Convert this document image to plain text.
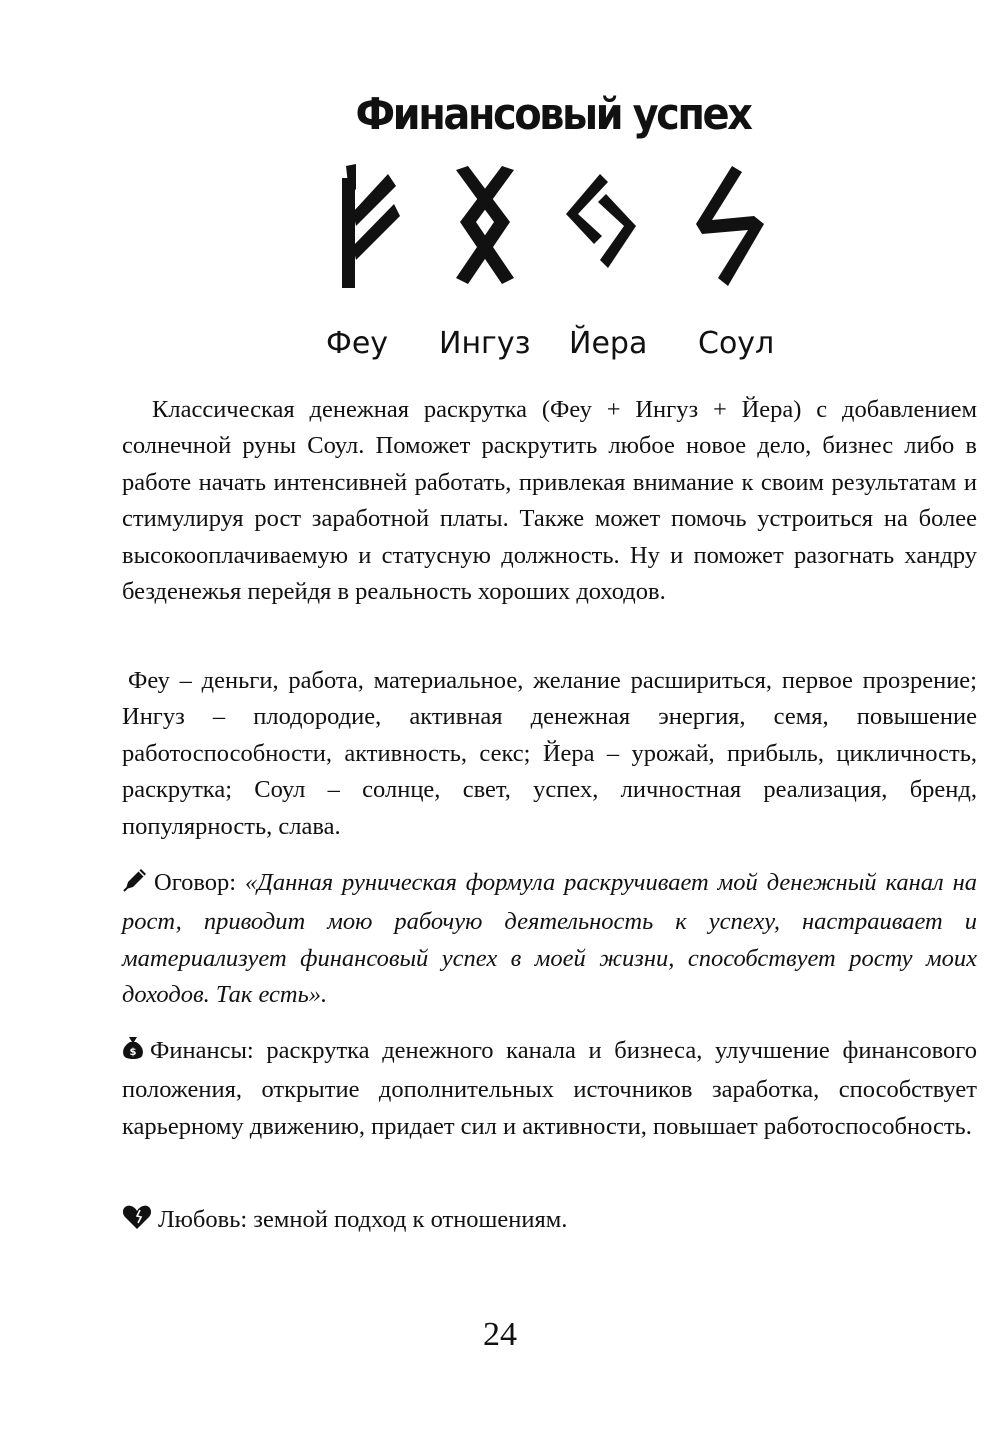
Финансовый успех
Феу Ингуз Йера Соул

Классическая денежная раскрутка (Феу + Ингуз + Йера) с добавлением солнечной руны Соул. Поможет раскрутить любое новое дело, бизнес либо в работе начать интенсивней работать, привлекая внимание к своим результатам и стимулируя рост заработной платы. Также может помочь устроиться на более высокооплачиваемую и статусную должность. Ну и поможет разогнать хандру безденежья перейдя в реальность хороших доходов.

Феу – деньги, работа, материальное, желание расшириться, первое прозрение; Ингуз – плодородие, активная денежная энергия, семя, повышение работоспособности, активность, секс; Йера – урожай, прибыль, цикличность, раскрутка; Соул – солнце, свет, успех, личностная реализация, бренд, популярность, слава.

Оговор: «Данная руническая формула раскручивает мой денежный канал на рост, приводит мою рабочую деятельность к успеху, настраивает и материализует финансовый успех в моей жизни, способствует росту моих доходов. Так есть».

$ Финансы: раскрутка денежного канала и бизнеса, улучшение финансового положения, открытие дополнительных источников заработка, способствует карьерному движению, придает сил и активности, повышает работоспособность.

Любовь: земной подход к отношениям.

24
